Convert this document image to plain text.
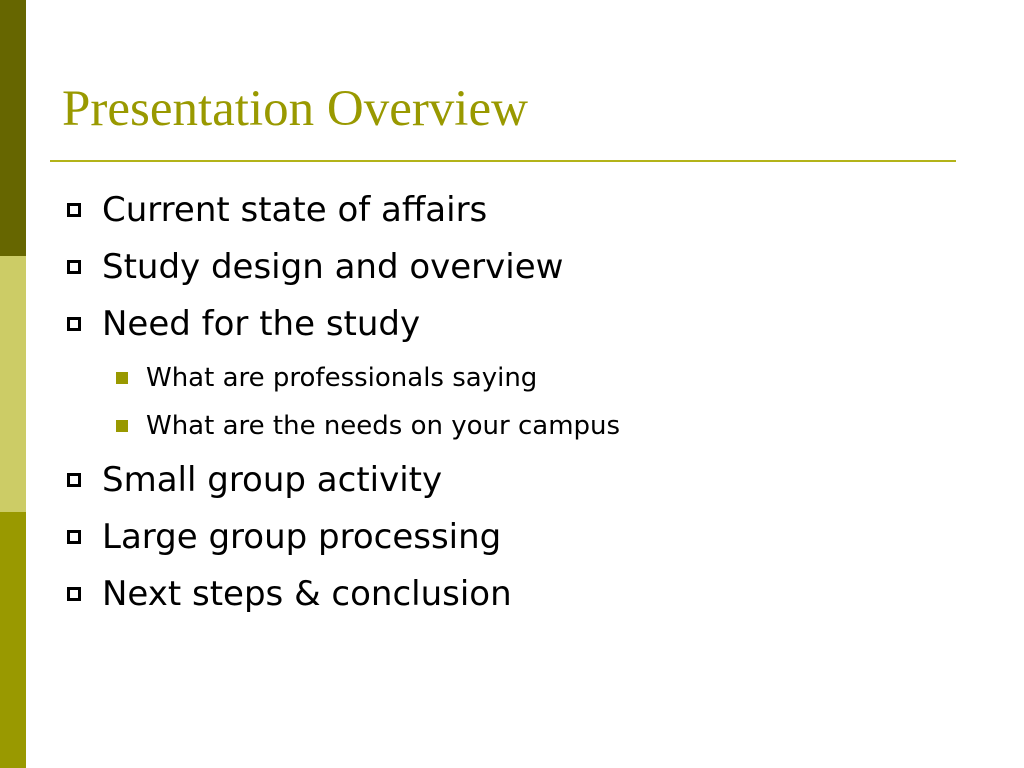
Presentation Overview
Current state of affairs
Study design and overview
Need for the study
What are professionals saying
What are the needs on your campus
Small group activity
Large group processing
Next steps & conclusion
